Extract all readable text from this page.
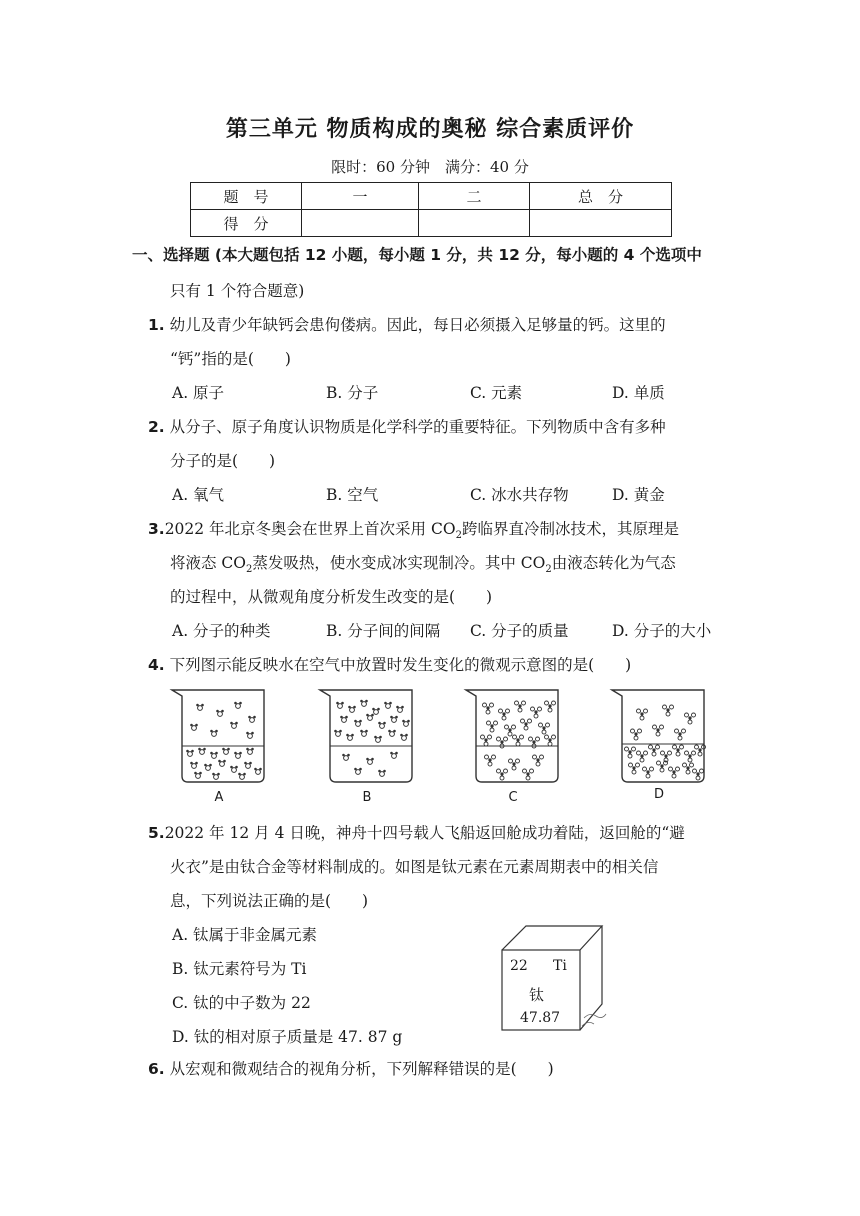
第三单元 物质构成的奥秘 综合素质评价
限时：60 分钟　满分：40 分
题　号	一	二	总　分
得　分			
一、选择题 (本大题包括 12 小题，每小题 1 分，共 12 分，每小题的 4 个选项中
只有 1 个符合题意)
1. 幼儿及青少年缺钙会患佝偻病。因此，每日必须摄入足够量的钙。这里的
“钙”指的是(　　)
A. 原子	B. 分子	C. 元素	D. 单质
2. 从分子、原子角度认识物质是化学科学的重要特征。下列物质中含有多种
分子的是(　　)
A. 氧气	B. 空气	C. 冰水共存物	D. 黄金
3.2022 年北京冬奥会在世界上首次采用 $CO_2$跨临界直冷制冰技术，其原理是
将液态 $CO_2$蒸发吸热，使水变成冰实现制冷。其中 $CO_2$由液态转化为气态
的过程中，从微观角度分析发生改变的是(　　)
A. 分子的种类	B. 分子间的间隔 C. 分子的质量	D. 分子的大小
4. 下列图示能反映水在空气中放置时发生变化的微观示意图的是(　　)
A	B	C	D
5.2022 年 12 月 4 日晚，神舟十四号载人飞船返回舱成功着陆，返回舱的“避
火衣”是由钛合金等材料制成的。如图是钛元素在元素周期表中的相关信
息，下列说法正确的是(　　)
A. 钛属于非金属元素
B. 钛元素符号为 Ti
C. 钛的中子数为 22
D. 钛的相对原子质量是 47. 87 g
22 Ti
钛
47.87
6. 从宏观和微观结合的视角分析，下列解释错误的是(　　)
